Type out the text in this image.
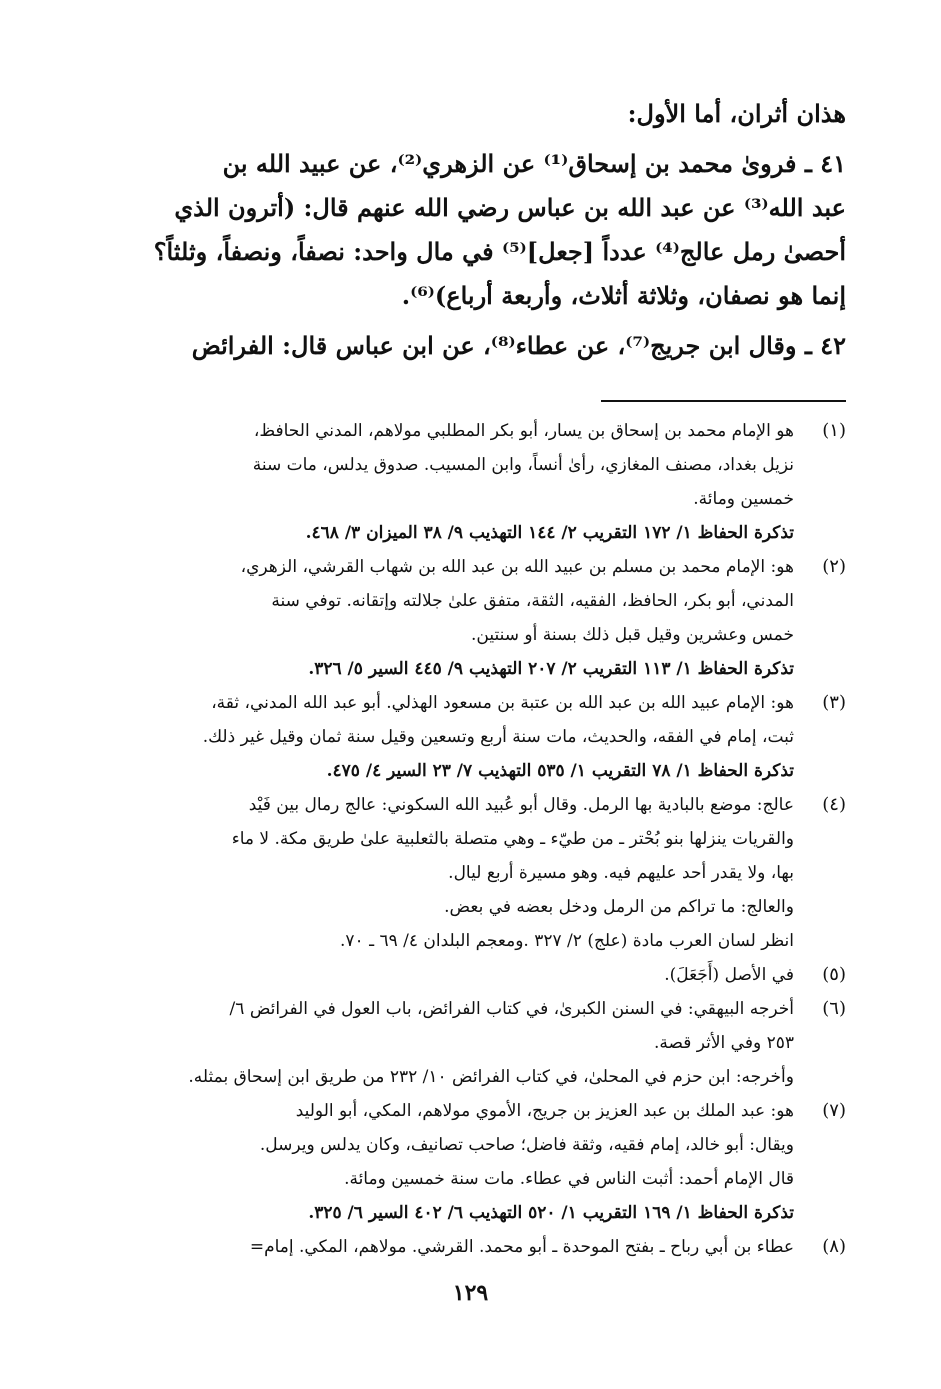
هذان أثران، أما الأول:
٤١ ـ فروىٰ محمد بن إسحاق⁽¹⁾ عن الزهري⁽²⁾، عن عبيد الله بن
عبد الله⁽³⁾ عن عبد الله بن عباس رضي الله عنهم قال: (أترون الذي
أحصىٰ رمل عالج⁽⁴⁾ عدداً [جعل]⁽⁵⁾ في مال واحد: نصفاً، ونصفاً، وثلثاً؟
إنما هو نصفان، وثلاثة أثلاث، وأربعة أرباع)⁽⁶⁾.
٤٢ ـ وقال ابن جريج⁽⁷⁾، عن عطاء⁽⁸⁾، عن ابن عباس قال: الفرائض
(١)
هو الإمام محمد بن إسحاق بن يسار، أبو بكر المطلبي مولاهم، المدني الحافظ،
نزيل بغداد، مصنف المغازي، رأىٰ أنساً، وابن المسيب. صدوق يدلس، مات سنة
خمسين ومائة.
تذكرة الحفاظ ١/ ١٧٢ التقريب ٢/ ١٤٤ التهذيب ٩/ ٣٨ الميزان ٣/ ٤٦٨.
(٢)
هو: الإمام محمد بن مسلم بن عبيد الله بن عبد الله بن شهاب القرشي، الزهري،
المدني، أبو بكر، الحافظ، الفقيه، الثقة، متفق علىٰ جلالته وإتقانه. توفي سنة
خمس وعشرين وقيل قبل ذلك بسنة أو سنتين.
تذكرة الحفاظ ١/ ١١٣ التقريب ٢/ ٢٠٧ التهذيب ٩/ ٤٤٥ السير ٥/ ٣٢٦.
(٣)
هو: الإمام عبيد الله بن عبد الله بن عتبة بن مسعود الهذلي. أبو عبد الله المدني، ثقة،
ثبت، إمام في الفقه، والحديث، مات سنة أربع وتسعين وقيل سنة ثمان وقيل غير ذلك.
تذكرة الحفاظ ١/ ٧٨ التقريب ١/ ٥٣٥ التهذيب ٧/ ٢٣ السير ٤/ ٤٧٥.
(٤)
عالج: موضع بالبادية بها الرمل. وقال أبو عُبيد الله السكوني: عالج رمال بين فَيْد
والقريات ينزلها بنو بُحْتر ـ من طيّء ـ وهي متصلة بالثعلبية علىٰ طريق مكة. لا ماء
بها، ولا يقدر أحد عليهم فيه. وهو مسيرة أربع ليال.
والعالج: ما تراكم من الرمل ودخل بعضه في بعض.
انظر لسان العرب مادة (علج) ٢/ ٣٢٧ .ومعجم البلدان ٤/ ٦٩ ـ ٧٠.
(٥)
في الأصل (أَجَعَلَ).
(٦)
أخرجه البيهقي: في السنن الكبرىٰ، في كتاب الفرائض، باب العول في الفرائض ٦/
٢٥٣ وفي الأثر قصة.
وأخرجه: ابن حزم في المحلىٰ، في كتاب الفرائض ١٠/ ٢٣٢ من طريق ابن إسحاق بمثله.
(٧)
هو: عبد الملك بن عبد العزيز بن جريج، الأموي مولاهم، المكي، أبو الوليد
ويقال: أبو خالد، إمام فقيه، وثقة فاضل؛ صاحب تصانيف، وكان يدلس ويرسل.
قال الإمام أحمد: أثبت الناس في عطاء. مات سنة خمسين ومائة.
تذكرة الحفاظ ١/ ١٦٩ التقريب ١/ ٥٢٠ التهذيب ٦/ ٤٠٢ السير ٦/ ٣٢٥.
(٨)
عطاء بن أبي رباح ـ بفتح الموحدة ـ أبو محمد. القرشي. مولاهم، المكي. إمام=
١٢٩
